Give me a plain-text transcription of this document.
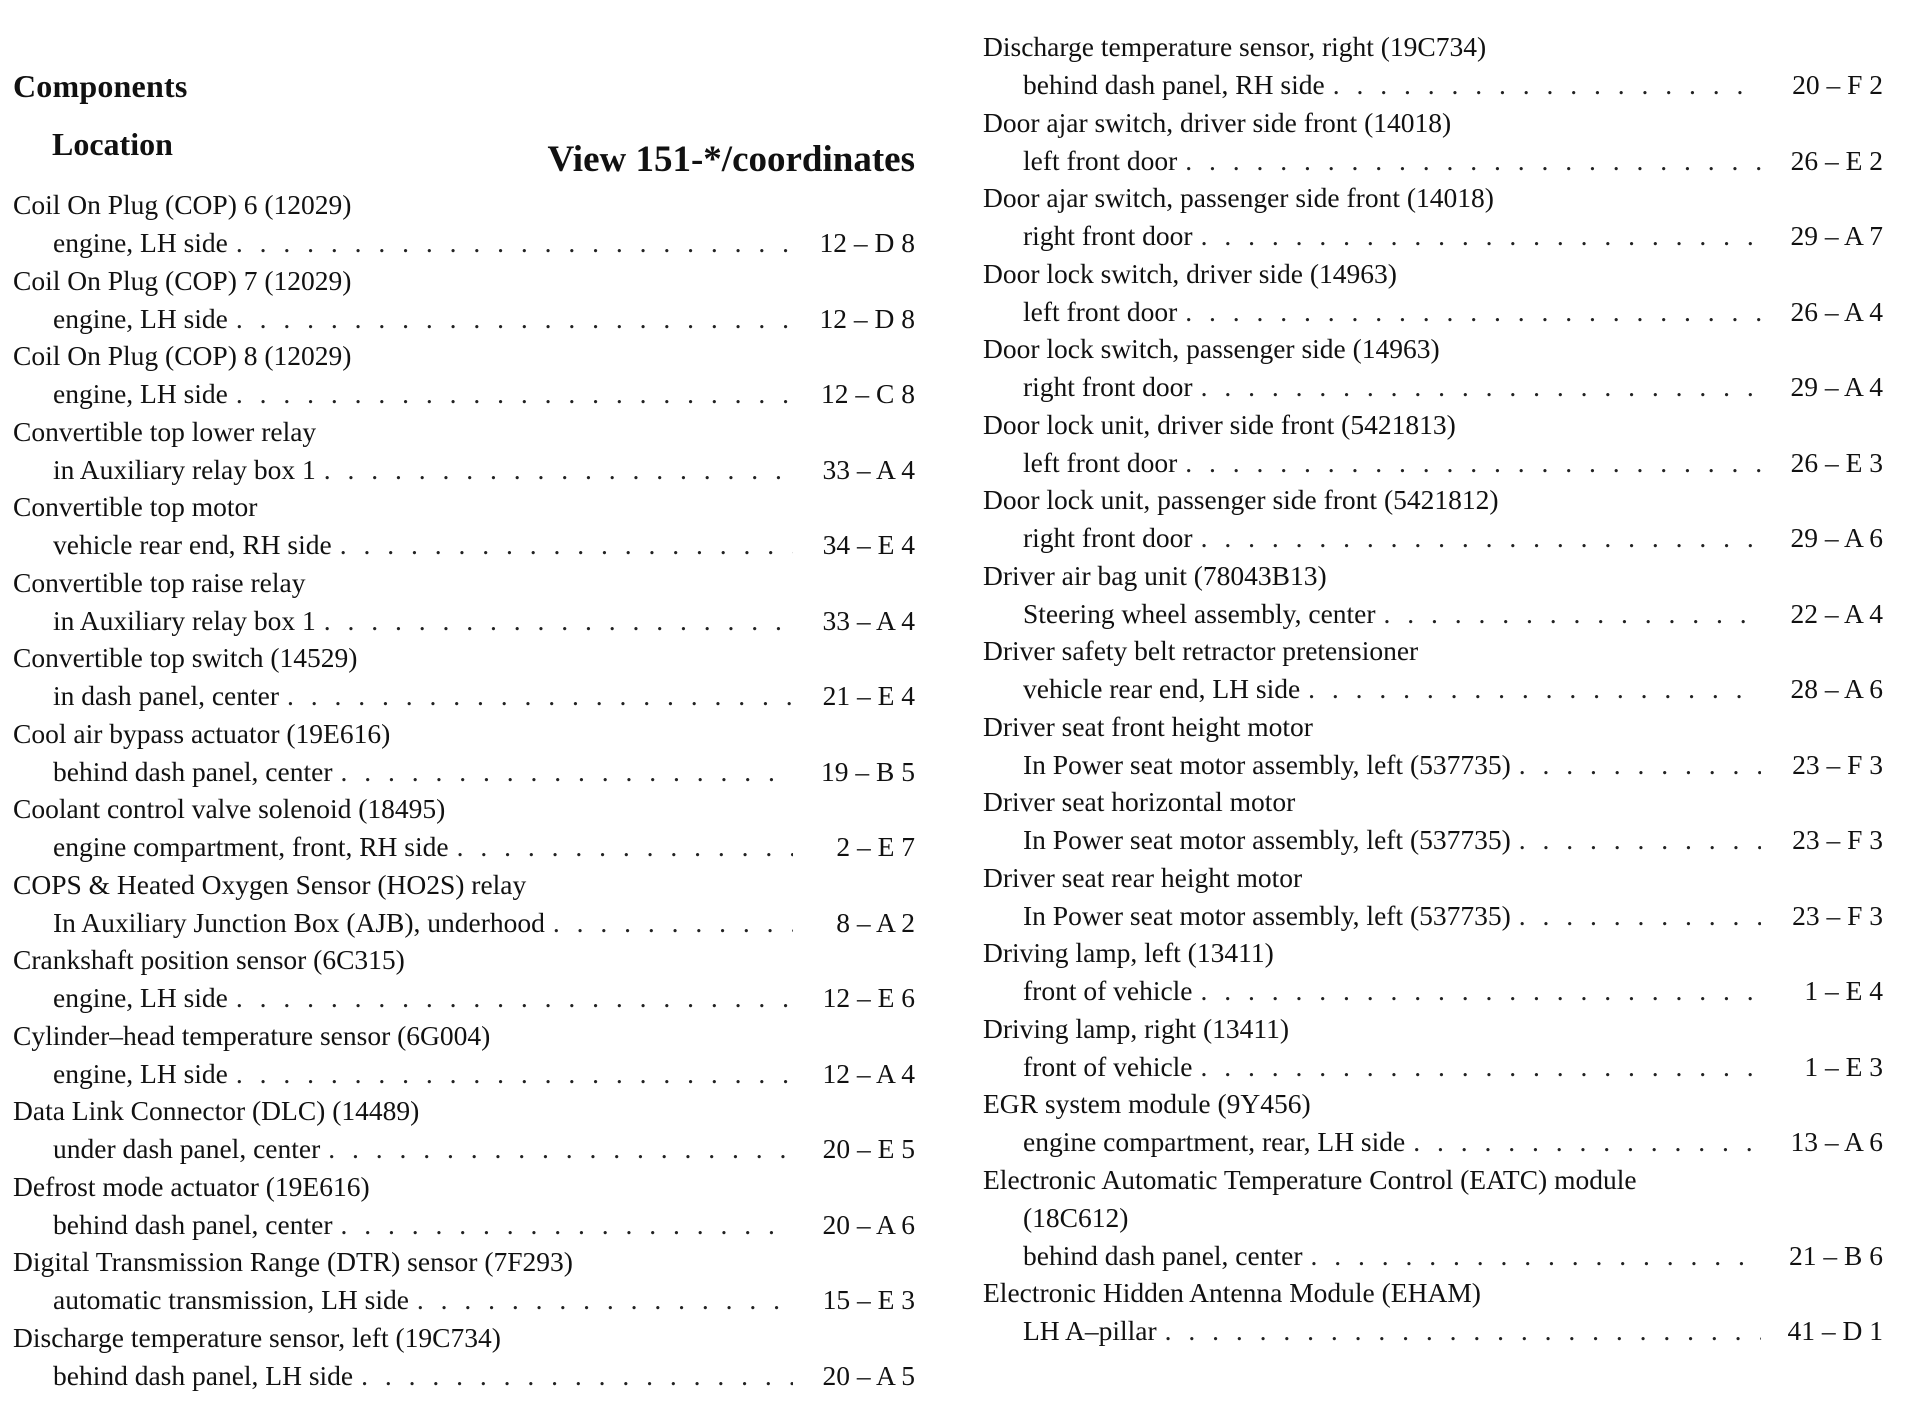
Components
Location	View 151-*/coordinates
Coil On Plug (COP) 6 (12029)
engine, LH side . . .	12 – D 8
Coil On Plug (COP) 7 (12029)
engine, LH side . . .	12 – D 8
Coil On Plug (COP) 8 (12029)
engine, LH side . . .	12 – C 8
Convertible top lower relay
in Auxiliary relay box 1 . . .	33 – A 4
Convertible top motor
vehicle rear end, RH side . . .	34 – E 4
Convertible top raise relay
in Auxiliary relay box 1 . . .	33 – A 4
Convertible top switch (14529)
in dash panel, center . . .	21 – E 4
Cool air bypass actuator (19E616)
behind dash panel, center . . .	19 – B 5
Coolant control valve solenoid (18495)
engine compartment, front, RH side . . .	2 – E 7
COPS & Heated Oxygen Sensor (HO2S) relay
In Auxiliary Junction Box (AJB), underhood . . .	8 – A 2
Crankshaft position sensor (6C315)
engine, LH side . . .	12 – E 6
Cylinder–head temperature sensor (6G004)
engine, LH side . . .	12 – A 4
Data Link Connector (DLC) (14489)
under dash panel, center . . .	20 – E 5
Defrost mode actuator (19E616)
behind dash panel, center . . .	20 – A 6
Digital Transmission Range (DTR) sensor (7F293)
automatic transmission, LH side . . .	15 – E 3
Discharge temperature sensor, left (19C734)
behind dash panel, LH side . . .	20 – A 5
Discharge temperature sensor, right (19C734)
behind dash panel, RH side . . .	20 – F 2
Door ajar switch, driver side front (14018)
left front door . . .	26 – E 2
Door ajar switch, passenger side front (14018)
right front door . . .	29 – A 7
Door lock switch, driver side (14963)
left front door . . .	26 – A 4
Door lock switch, passenger side (14963)
right front door . . .	29 – A 4
Door lock unit, driver side front (5421813)
left front door . . .	26 – E 3
Door lock unit, passenger side front (5421812)
right front door . . .	29 – A 6
Driver air bag unit (78043B13)
Steering wheel assembly, center . . .	22 – A 4
Driver safety belt retractor pretensioner
vehicle rear end, LH side . . .	28 – A 6
Driver seat front height motor
In Power seat motor assembly, left (537735) . . .	23 – F 3
Driver seat horizontal motor
In Power seat motor assembly, left (537735) . . .	23 – F 3
Driver seat rear height motor
In Power seat motor assembly, left (537735) . . .	23 – F 3
Driving lamp, left (13411)
front of vehicle . . .	1 – E 4
Driving lamp, right (13411)
front of vehicle . . .	1 – E 3
EGR system module (9Y456)
engine compartment, rear, LH side . . .	13 – A 6
Electronic Automatic Temperature Control (EATC) module
(18C612)
behind dash panel, center . . .	21 – B 6
Electronic Hidden Antenna Module (EHAM)
LH A–pillar . . .	41 – D 1
